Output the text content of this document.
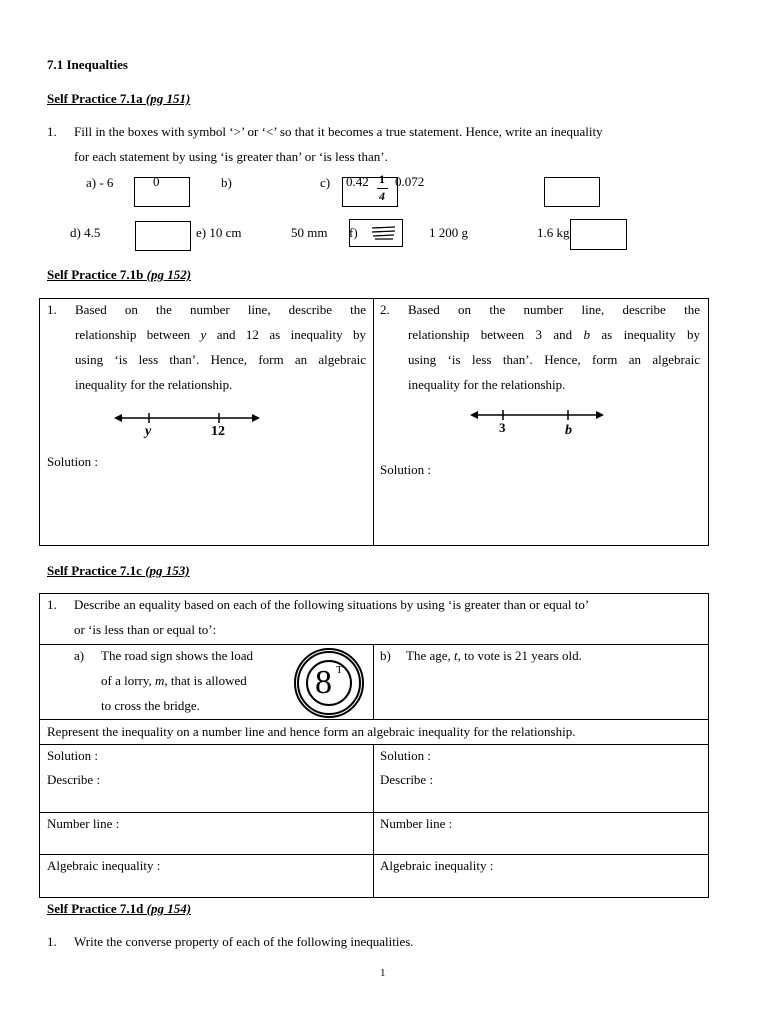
7.1 Inequalties
Self Practice 7.1a (pg 151)
1. Fill in the boxes with symbol ‘>’ or ‘<’ so that it becomes a true statement. Hence, write an inequality
for each statement by using ‘is greater than’ or ‘is less than’.
a) - 6	0	b)	c) 0.42 1
4
0.072
d) 4.5	e) 10 cm	50 mm f)	1 200 g	1.6 kg
Self Practice 7.1b (pg 152)
1. Based on the number line, describe the
relationship between y and 12 as inequality by
using ‘is less than’. Hence, form an algebraic
inequality for the relationship.
y	12
Solution :
2. Based on the number line, describe the
relationship between 3 and b as inequality by
using ‘is less than’. Hence, form an algebraic
inequality for the relationship.
3	b
Solution :
Self Practice 7.1c (pg 153)
1. Describe an equality based on each of the following situations by using ‘is greater than or equal to’
or ‘is less than or equal to’:
a) The road sign shows the load
of a lorry, m, that is allowed
to cross the bridge.
8 T
b) The age, t, to vote is 21 years old.
Represent the inequality on a number line and hence form an algebraic inequality for the relationship.
Solution :
Describe :
Solution :
Describe :
Number line :	Number line :
Algebraic inequality :	Algebraic inequality :
Self Practice 7.1d (pg 154)
1. Write the converse property of each of the following inequalities.
1
